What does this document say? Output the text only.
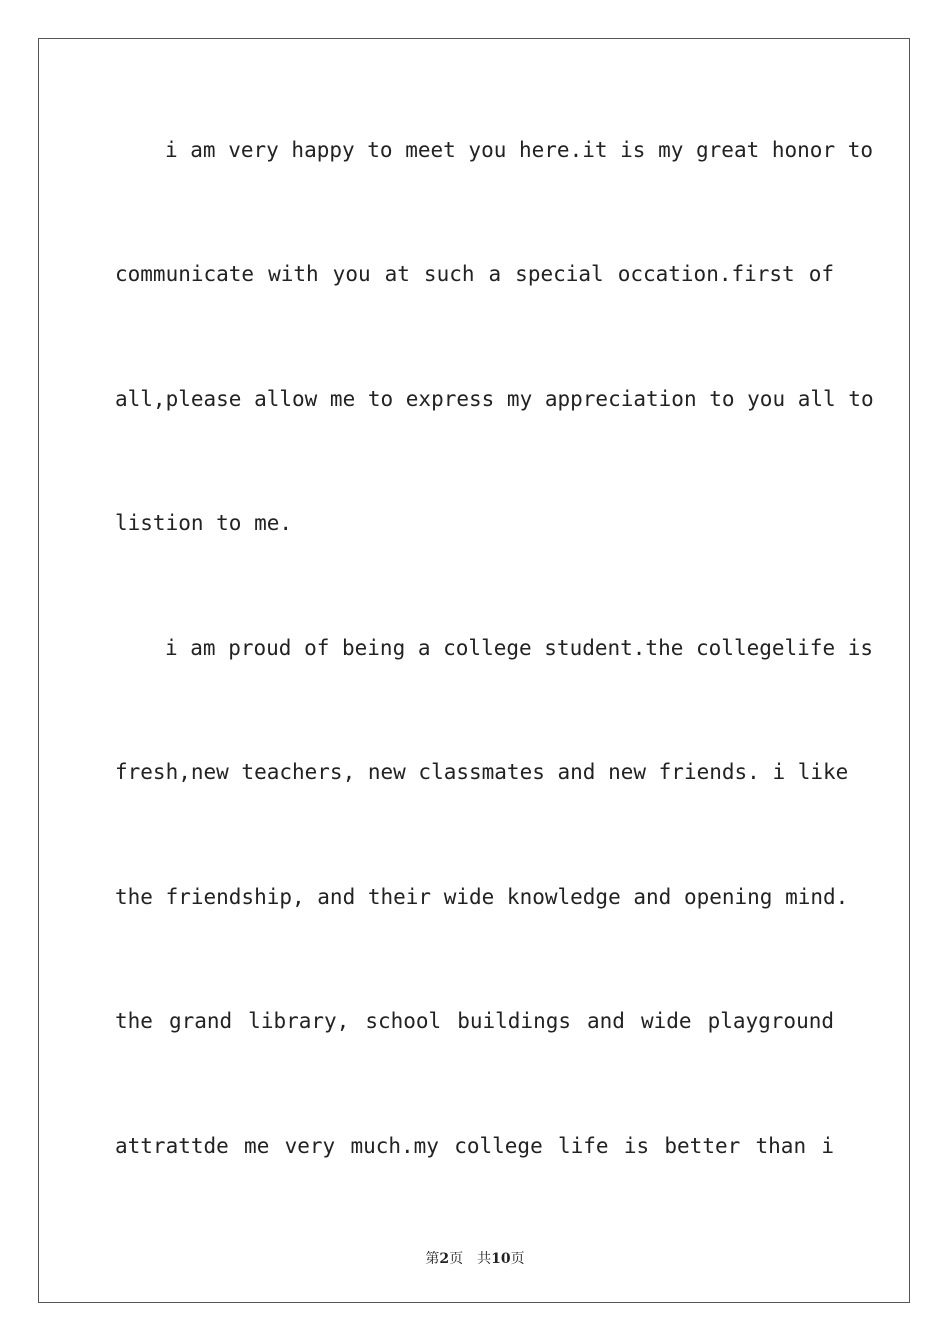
i am very happy to meet you here.it is my great honor to
communicate with you at such a special occation.first of
all,please allow me to express my appreciation to you all to
listion to me.
i am proud of being a college student.the collegelife is
fresh,new teachers, new classmates and new friends. i like
the friendship, and their wide knowledge and opening mind.
the grand library, school buildings and wide playground
attrattde me very much.my college life is better than i
第2页 共10页
